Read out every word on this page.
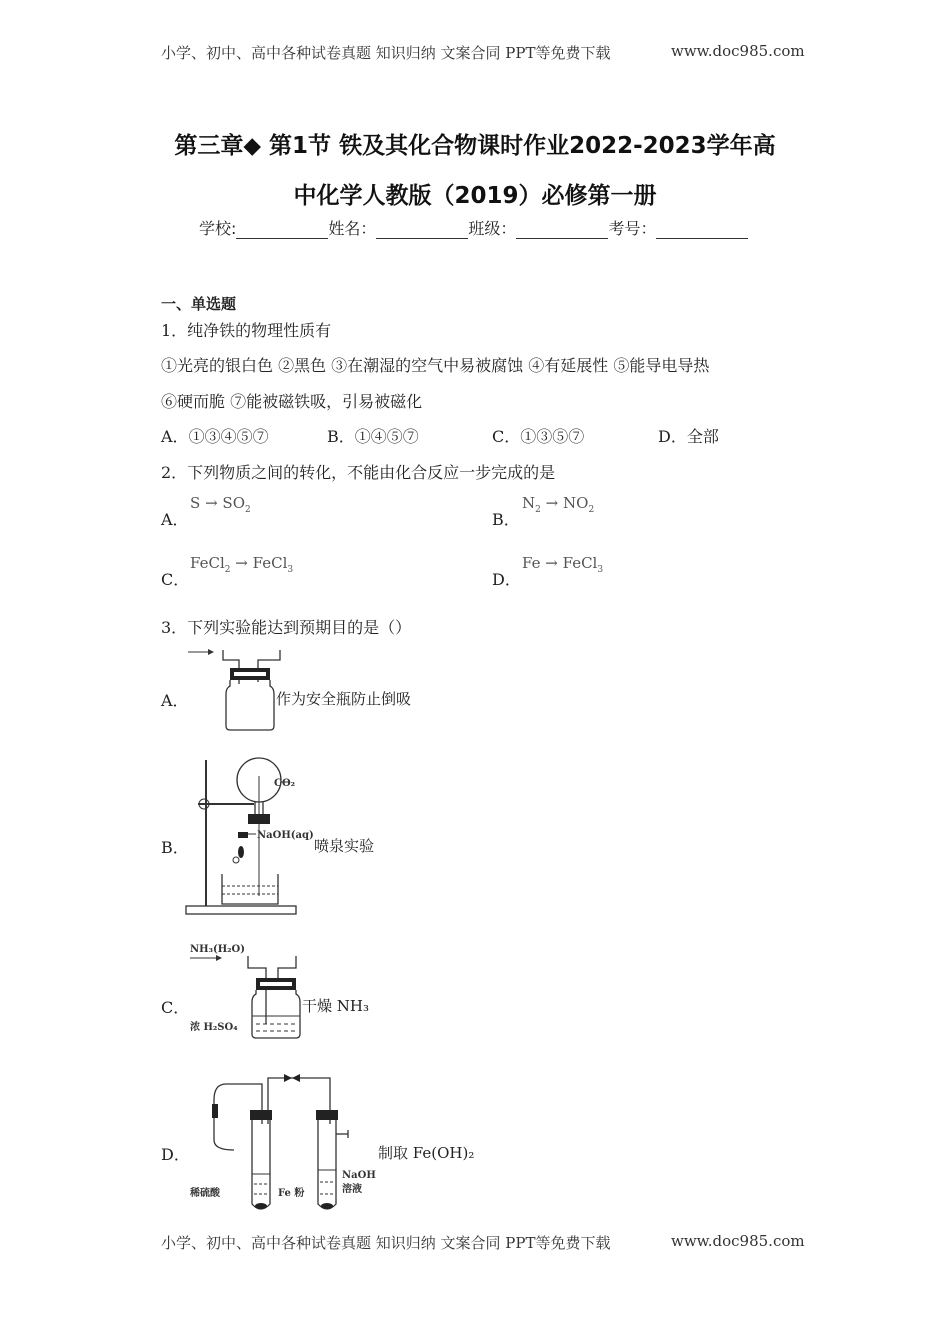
小学、初中、高中各种试卷真题 知识归纳 文案合同 PPT等免费下载	www.doc985.com
第三章◆ 第1节 铁及其化合物课时作业2022-2023学年高
中化学人教版（2019）必修第一册
学校:	姓名：	班级：	考号：
一、单选题
1．纯净铁的物理性质有
①光亮的银白色 ②黑色 ③在潮湿的空气中易被腐蚀 ④有延展性 ⑤能导电导热
⑥硬而脆 ⑦能被磁铁吸，引易被磁化
A．①③④⑤⑦	B．①④⑤⑦	C．①③⑤⑦	D．全部
2．下列物质之间的转化，不能由化合反应一步完成的是
A．
$S \to SO_2$	B．
$N_2 \to NO_2$
C．
FeCl$_2$ → FeCl$_3$	D．
Fe → FeCl$_3$
3．下列实验能达到预期目的是（）
A．	作为安全瓶防止倒吸
B．
CO₂
NaOH(aq)
喷泉实验
C．
NH₃(H₂O)
浓 H₂SO₄
干燥 NH₃
D．
稀硫酸	Fe 粉
NaOH
溶液
制取 Fe(OH)₂
小学、初中、高中各种试卷真题 知识归纳 文案合同 PPT等免费下载	www.doc985.com
